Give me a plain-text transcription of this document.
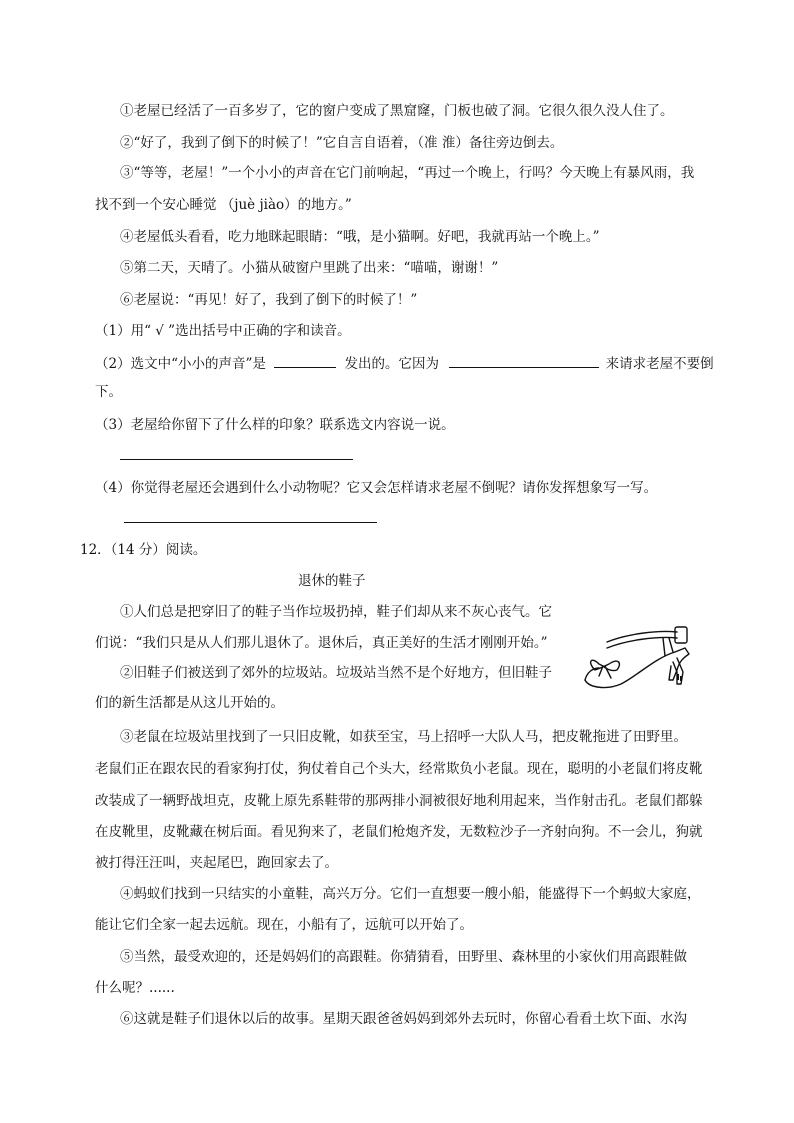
①老屋已经活了一百多岁了，它的窗户变成了黑窟窿，门板也破了洞。它很久很久没人住了。
②“好了，我到了倒下的时候了！”它自言自语着，（准 淮）备往旁边倒去。
③“等等，老屋！”一个小小的声音在它门前响起，“再过一个晚上，行吗？今天晚上有暴风雨，我
找不到一个安心睡觉 （juè jiào）的地方。”
④老屋低头看看，吃力地眯起眼睛：“哦，是小猫啊。好吧，我就再站一个晚上。”
⑤第二天，天晴了。小猫从破窗户里跳了出来：“喵喵，谢谢！”
⑥老屋说：“再见！好了，我到了倒下的时候了！”
（1）用“ √ ”选出括号中正确的字和读音。
（2）选文中“小小的声音”是	发出的。它因为	来请求老屋不要倒
下。
（3）老屋给你留下了什么样的印象？联系选文内容说一说。
（4）你觉得老屋还会遇到什么小动物呢？它又会怎样请求老屋不倒呢？请你发挥想象写一写。
12．（14 分）阅读。
退休的鞋子
①人们总是把穿旧了的鞋子当作垃圾扔掉，鞋子们却从来不灰心丧气。它
们说：“我们只是从人们那儿退休了。退休后，真正美好的生活才刚刚开始。”
②旧鞋子们被送到了郊外的垃圾站。垃圾站当然不是个好地方，但旧鞋子
们的新生活都是从这儿开始的。
③老鼠在垃圾站里找到了一只旧皮靴，如获至宝，马上招呼一大队人马，把皮靴拖进了田野里。
老鼠们正在跟农民的看家狗打仗，狗仗着自己个头大，经常欺负小老鼠。现在，聪明的小老鼠们将皮靴
改装成了一辆野战坦克，皮靴上原先系鞋带的那两排小洞被很好地利用起来，当作射击孔。老鼠们都躲
在皮靴里，皮靴藏在树后面。看见狗来了，老鼠们枪炮齐发，无数粒沙子一齐射向狗。不一会儿，狗就
被打得汪汪叫，夹起尾巴，跑回家去了。
④蚂蚁们找到一只结实的小童鞋，高兴万分。它们一直想要一艘小船，能盛得下一个蚂蚁大家庭，
能让它们全家一起去远航。现在，小船有了，远航可以开始了。
⑤当然，最受欢迎的，还是妈妈们的高跟鞋。你猜猜看，田野里、森林里的小家伙们用高跟鞋做
什么呢？......
⑥这就是鞋子们退休以后的故事。星期天跟爸爸妈妈到郊外去玩时，你留心看看土坎下面、水沟
